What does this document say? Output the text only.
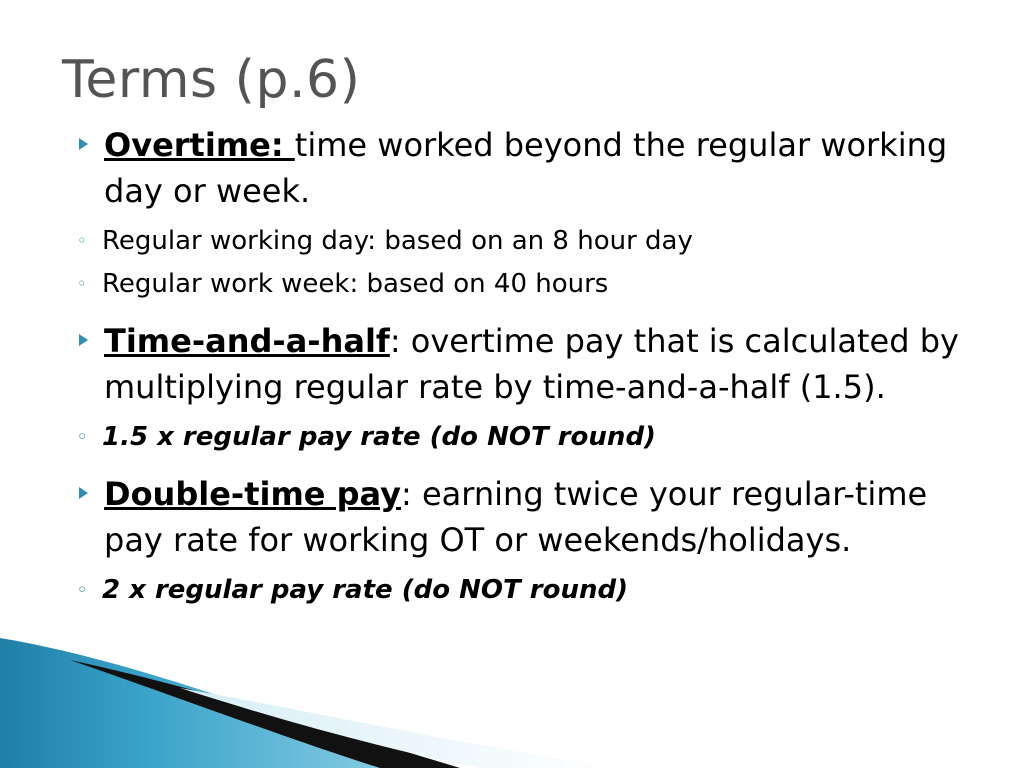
Terms (p.6)
Overtime: time worked beyond the regular working day or week.
◦ Regular working day: based on an 8 hour day
◦ Regular work week: based on 40 hours
Time-and-a-half: overtime pay that is calculated by multiplying regular rate by time-and-a-half (1.5).
◦ 1.5 x regular pay rate (do NOT round)
Double-time pay: earning twice your regular-time pay rate for working OT or weekends/holidays.
◦ 2 x regular pay rate (do NOT round)
